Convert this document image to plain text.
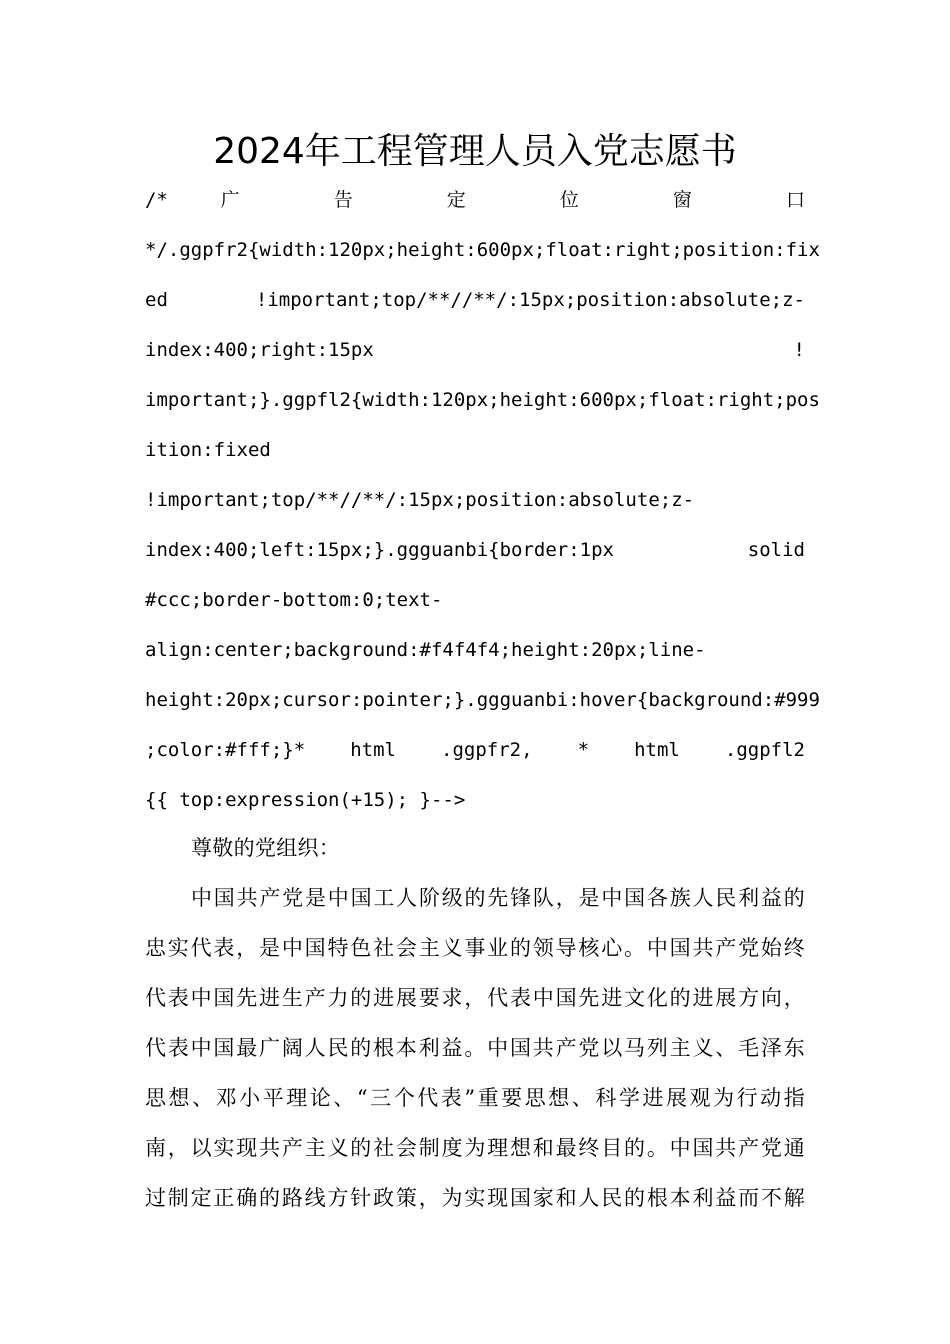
2024年工程管理人员入党志愿书
/* 广 告 定 位 窗 口
*/.ggpfr2{width:120px;height:600px;float:right;position:fix
ed !important;top/**//**/:15px;position:absolute;z-
index:400;right:15px !
important;}.ggpfl2{width:120px;height:600px;float:right;pos
ition:fixed
!important;top/**//**/:15px;position:absolute;z-
index:400;left:15px;}.ggguanbi{border:1px solid
#ccc;border-bottom:0;text-
align:center;background:#f4f4f4;height:20px;line-
height:20px;cursor:pointer;}.ggguanbi:hover{background:#999
;color:#fff;}* html .ggpfr2, * html .ggpfl2
{{ top:expression(+15); }-->
尊敬的党组织：
中国共产党是中国工人阶级的先锋队，是中国各族人民利益的
忠实代表，是中国特色社会主义事业的领导核心。中国共产党始终
代表中国先进生产力的进展要求，代表中国先进文化的进展方向，
代表中国最广阔人民的根本利益。中国共产党以马列主义、毛泽东
思想、邓小平理论、“三个代表”重要思想、科学进展观为行动指
南，以实现共产主义的社会制度为理想和最终目的。中国共产党通
过制定正确的路线方针政策，为实现国家和人民的根本利益而不解
